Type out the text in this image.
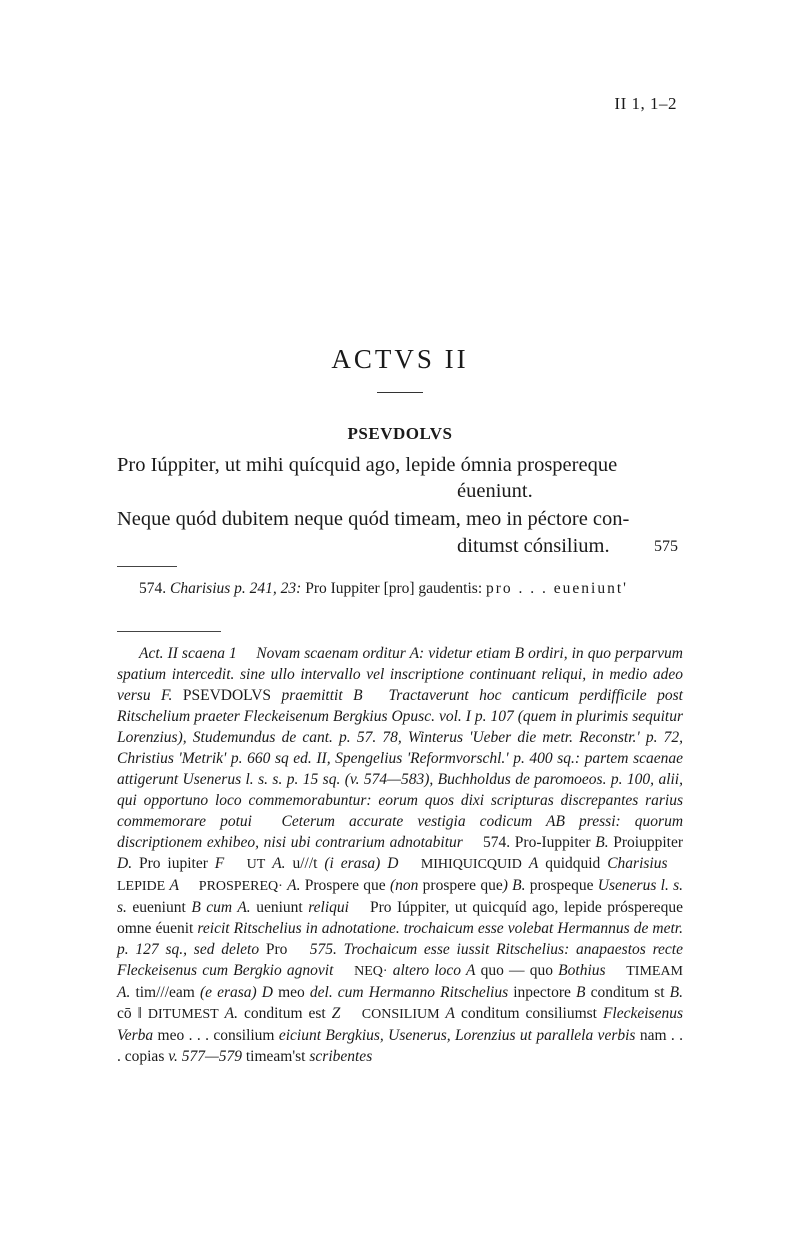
II 1, 1–2
ACTVS II
PSEVDOLVS
Pro Iúppiter, ut mihi quícquid ago, lepide ómnia prospereque
éueniunt.
Neque quód dubitem neque quód timeam, meo in péctore con-
ditumst cónsilium.	575
574. Charisius p. 241, 23: Pro Iuppiter [pro] gaudentis: pro . . . eueniunt'
Act. II scaena 1  Novam scaenam orditur A: videtur etiam B ordiri, in quo perparvum spatium intercedit. sine ullo intervallo vel inscriptione continuant reliqui, in medio adeo versu F. PSEVDOLVS praemittit B  Tractaverunt hoc canticum perdifficile post Ritschelium praeter Fleckeisenum Bergkius Opusc. vol. I p. 107 (quem in plurimis sequitur Lorenzius), Studemundus de cant. p. 57. 78, Winterus 'Ueber die metr. Reconstr.' p. 72, Christius 'Metrik' p. 660 sq ed. II, Spengelius 'Reformvorschl.' p. 400 sq.: partem scaenae attigerunt Usenerus l. s. s. p. 15 sq. (v. 574—583), Buchholdus de paromoeos. p. 100, alii, qui opportuno loco commemorabuntur: eorum quos dixi scripturas discrepantes rarius commemorare potui  Ceterum accurate vestigia codicum AB pressi: quorum discriptionem exhibeo, nisi ubi contrarium adnotabitur  574. Pro-Iuppiter B. Proiuppiter D. Pro iupiter F  UT A. u///t (i erasa) D  MIHIQUICQUID A quidquid Charisius  LEPIDE A  PROSPEREQ· A. Prospere que (non prospere que) B. prospeque Usenerus l. s. s. eueniunt B cum A. ueniunt reliqui  Pro Iúppiter, ut quicquíd ago, lepide próspereque omne éuenit reicit Ritschelius in adnotatione. trochaicum esse volebat Hermannus de metr. p. 127 sq., sed deleto Pro  575. Trochaicum esse iussit Ritschelius: anapaestos recte Fleckeisenus cum Bergkio agnovit  NEQ· altero loco A quo — quo Bothius  TIMEAM A. tim///eam (e erasa) D meo del. cum Hermanno Ritschelius inpectore B conditum st B. cō ‖ DITUMEST A. conditum est Z  CONSILIUM A conditum consiliumst Fleckeisenus Verba meo . . . consilium eiciunt Bergkius, Usenerus, Lorenzius ut parallela verbis nam . . . copias v. 577—579 timeam'st scribentes
